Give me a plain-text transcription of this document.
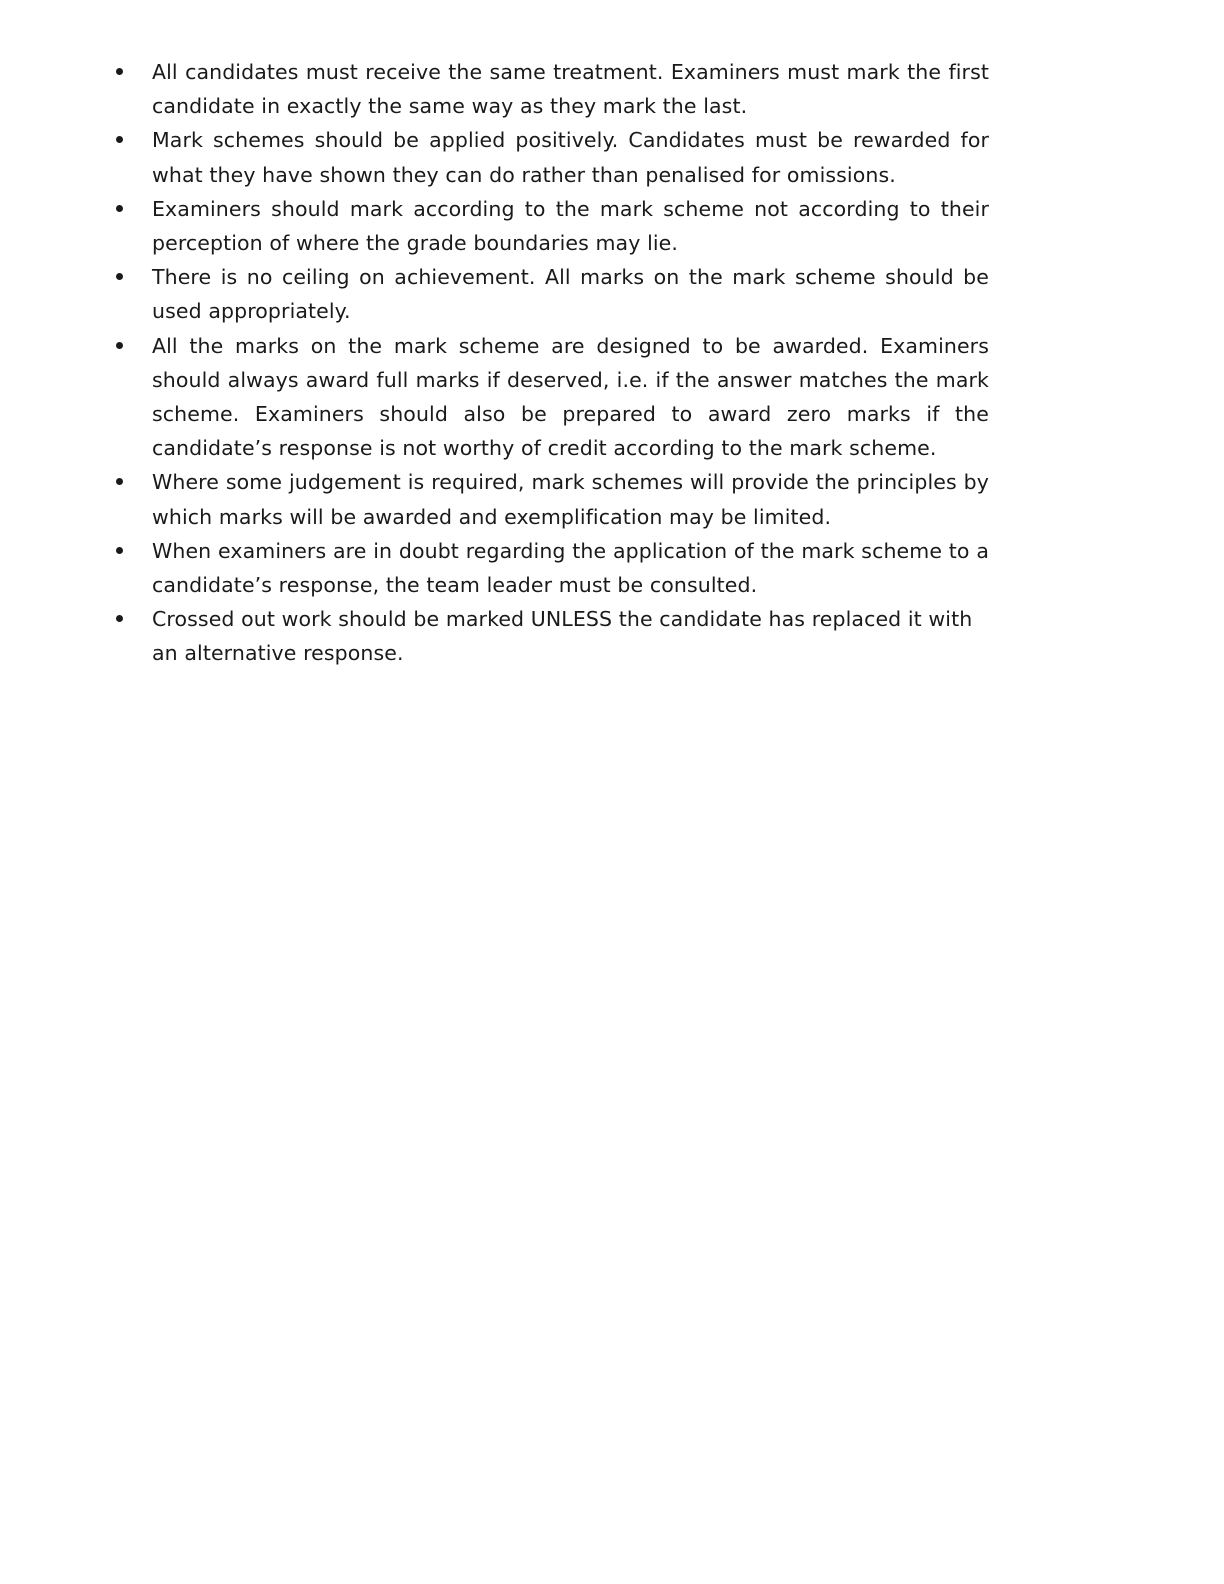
All candidates must receive the same treatment. Examiners must mark the first candidate in exactly the same way as they mark the last.
Mark schemes should be applied positively. Candidates must be rewarded for what they have shown they can do rather than penalised for omissions.
Examiners should mark according to the mark scheme not according to their perception of where the grade boundaries may lie.
There is no ceiling on achievement. All marks on the mark scheme should be used appropriately.
All the marks on the mark scheme are designed to be awarded. Examiners should always award full marks if deserved, i.e. if the answer matches the mark scheme. Examiners should also be prepared to award zero marks if the candidate’s response is not worthy of credit according to the mark scheme.
Where some judgement is required, mark schemes will provide the principles by which marks will be awarded and exemplification may be limited.
When examiners are in doubt regarding the application of the mark scheme to a candidate’s response, the team leader must be consulted.
Crossed out work should be marked UNLESS the candidate has replaced it with an alternative response.
